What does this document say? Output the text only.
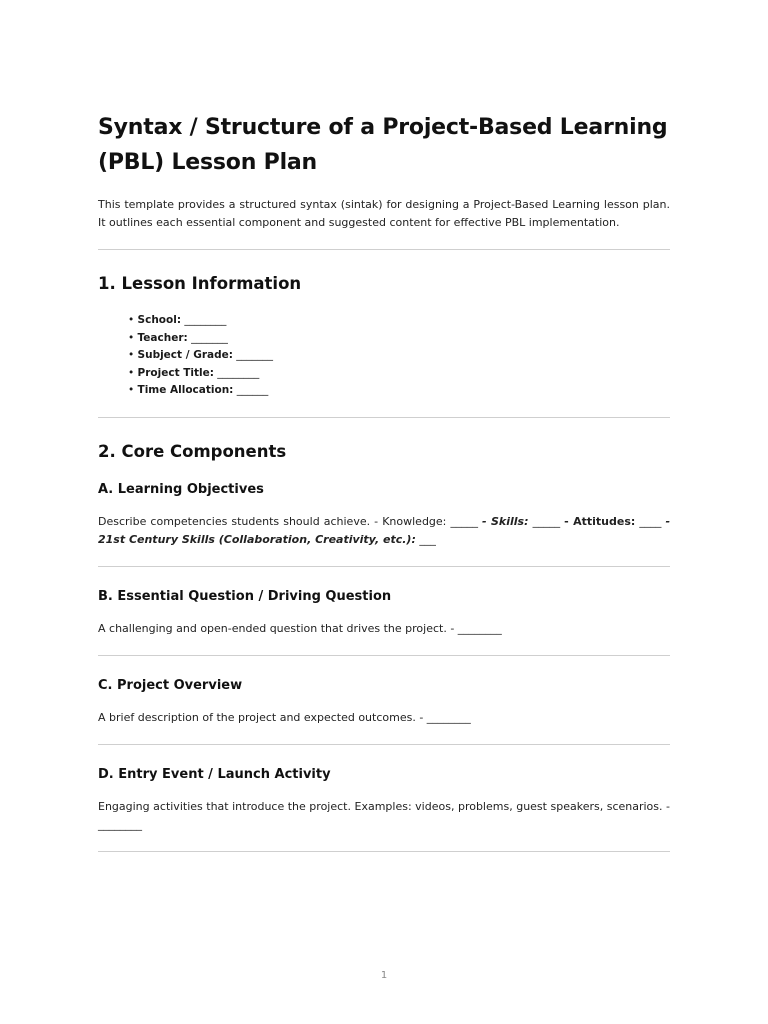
Syntax / Structure of a Project-Based Learning (PBL) Lesson Plan

This template provides a structured syntax (sintak) for designing a Project-Based Learning lesson plan. It outlines each essential component and suggested content for effective PBL implementation.

1. Lesson Information
• School: ________
• Teacher: _______
• Subject / Grade: _______
• Project Title: ________
• Time Allocation: ______
2. Core Components
A. Learning Objectives

Describe competencies students should achieve. - Knowledge: _____ - Skills: _____ - Attitudes: ____ - 21st Century Skills (Collaboration, Creativity, etc.): ___

B. Essential Question / Driving Question

A challenging and open-ended question that drives the project. - ________

C. Project Overview

A brief description of the project and expected outcomes. - ________

D. Entry Event / Launch Activity

Engaging activities that introduce the project. Examples: videos, problems, guest speakers, scenarios. - ________

1
